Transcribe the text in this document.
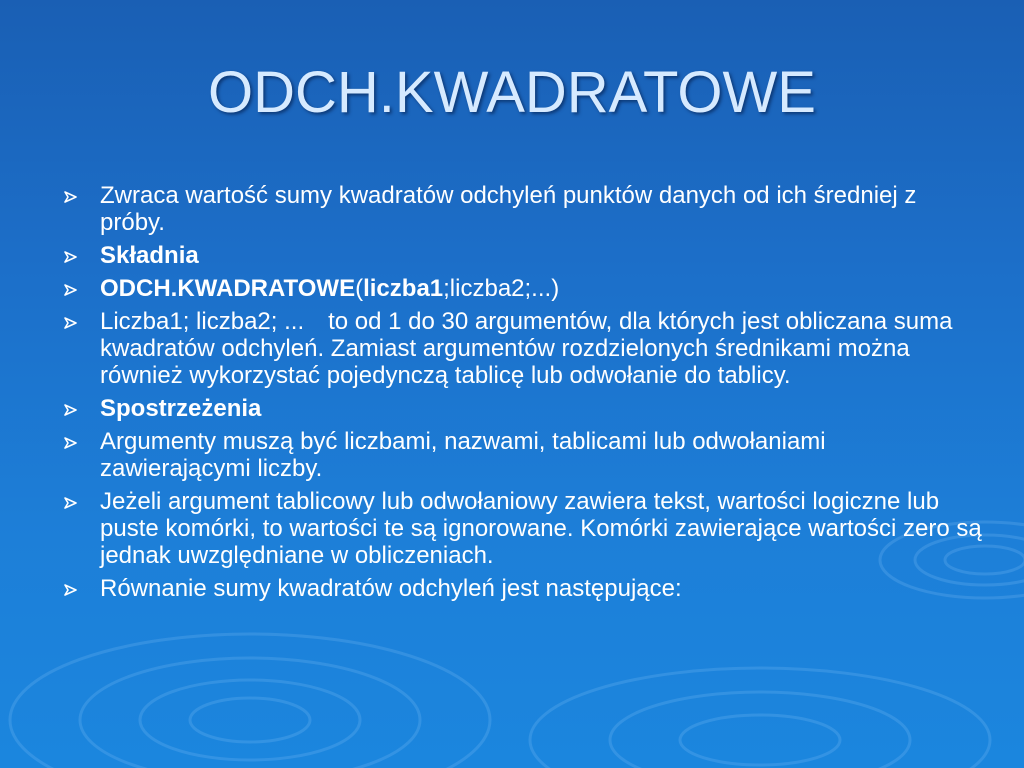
ODCH.KWADRATOWE
Zwraca wartość sumy kwadratów odchyleń punktów danych od ich średniej z próby.
Składnia
ODCH.KWADRATOWE(liczba1;liczba2;...)
Liczba1; liczba2; ... to od 1 do 30 argumentów, dla których jest obliczana suma kwadratów odchyleń. Zamiast argumentów rozdzielonych średnikami można również wykorzystać pojedynczą tablicę lub odwołanie do tablicy.
Spostrzeżenia
Argumenty muszą być liczbami, nazwami, tablicami lub odwołaniami zawierającymi liczby.
Jeżeli argument tablicowy lub odwołaniowy zawiera tekst, wartości logiczne lub puste komórki, to wartości te są ignorowane. Komórki zawierające wartości zero są jednak uwzględniane w obliczeniach.
Równanie sumy kwadratów odchyleń jest następujące:
